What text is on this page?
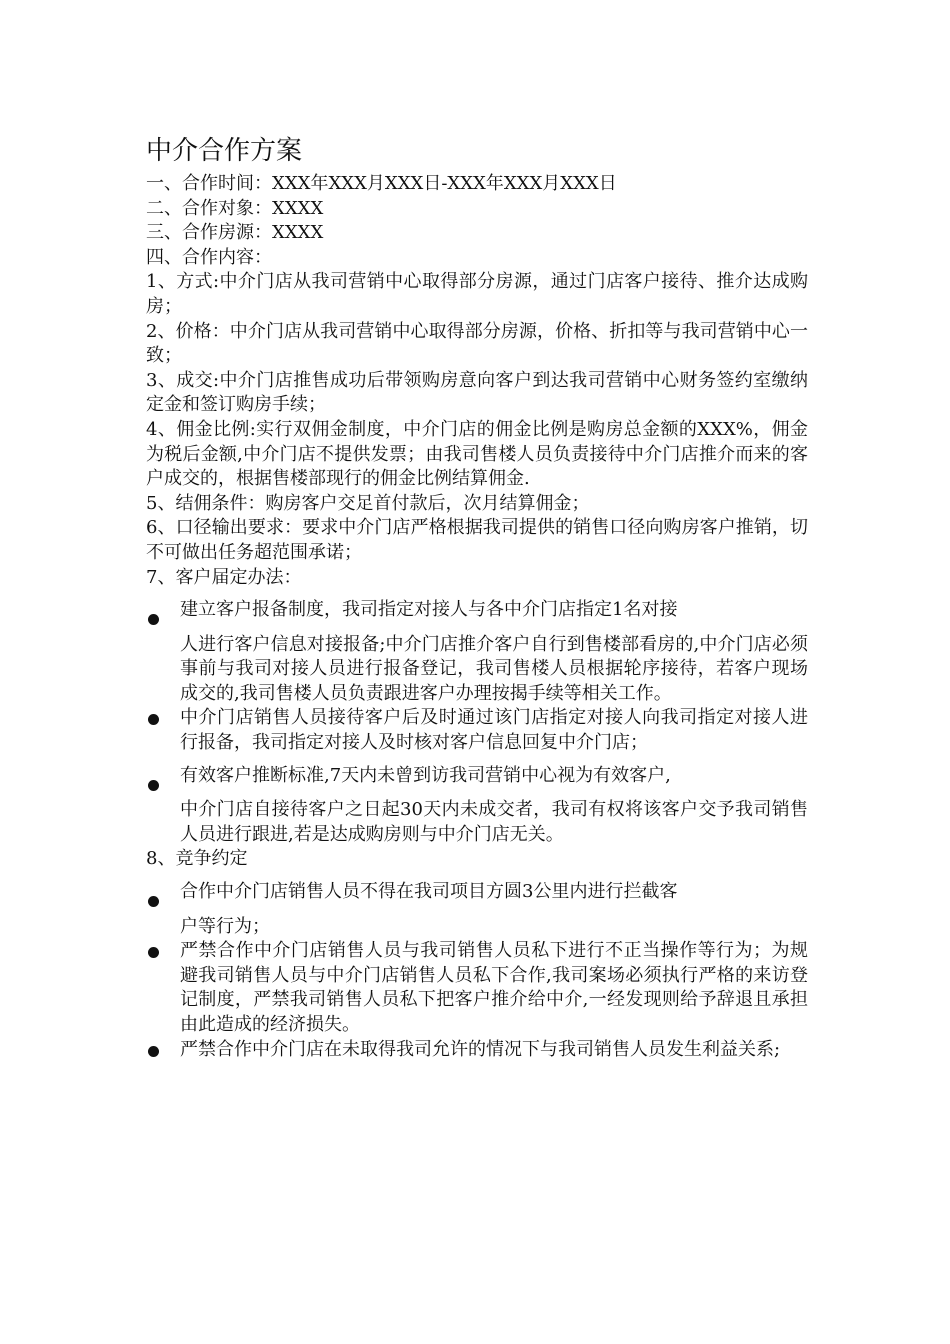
中介合作方案

一、合作时间：XXX年XXX月XXX日-XXX年XXX月XXX日

二、合作对象：XXXX

三、合作房源：XXXX

四、合作内容：

1、方式:中介门店从我司营销中心取得部分房源，通过门店客户接待、推介达成购房；

2、价格：中介门店从我司营销中心取得部分房源，价格、折扣等与我司营销中心一致；

3、成交:中介门店推售成功后带领购房意向客户到达我司营销中心财务签约室缴纳定金和签订购房手续；

4、佣金比例:实行双佣金制度，中介门店的佣金比例是购房总金额的XXX%，佣金为税后金额,中介门店不提供发票；由我司售楼人员负责接待中介门店推介而来的客户成交的，根据售楼部现行的佣金比例结算佣金.

5、结佣条件：购房客户交足首付款后，次月结算佣金；

6、口径输出要求：要求中介门店严格根据我司提供的销售口径向购房客户推销，切不可做出任务超范围承诺；

7、客户届定办法：

建立客户报备制度，我司指定对接人与各中介门店指定1名对接
人进行客户信息对接报备;中介门店推介客户自行到售楼部看房的,中介门店必须事前与我司对接人员进行报备登记，我司售楼人员根据轮序接待，若客户现场成交的,我司售楼人员负责跟进客户办理按揭手续等相关工作。
中介门店销售人员接待客户后及时通过该门店指定对接人向我司指定对接人进行报备，我司指定对接人及时核对客户信息回复中介门店；
有效客户推断标准,7天内未曾到访我司营销中心视为有效客户,
中介门店自接待客户之日起30天内未成交者，我司有权将该客户交予我司销售人员进行跟进,若是达成购房则与中介门店无关。

8、竞争约定

合作中介门店销售人员不得在我司项目方圆3公里内进行拦截客
户等行为；
严禁合作中介门店销售人员与我司销售人员私下进行不正当操作等行为；为规避我司销售人员与中介门店销售人员私下合作,我司案场必须执行严格的来访登记制度，严禁我司销售人员私下把客户推介给中介,一经发现则给予辞退且承担由此造成的经济损失。
严禁合作中介门店在未取得我司允许的情况下与我司销售人员发生利益关系;
